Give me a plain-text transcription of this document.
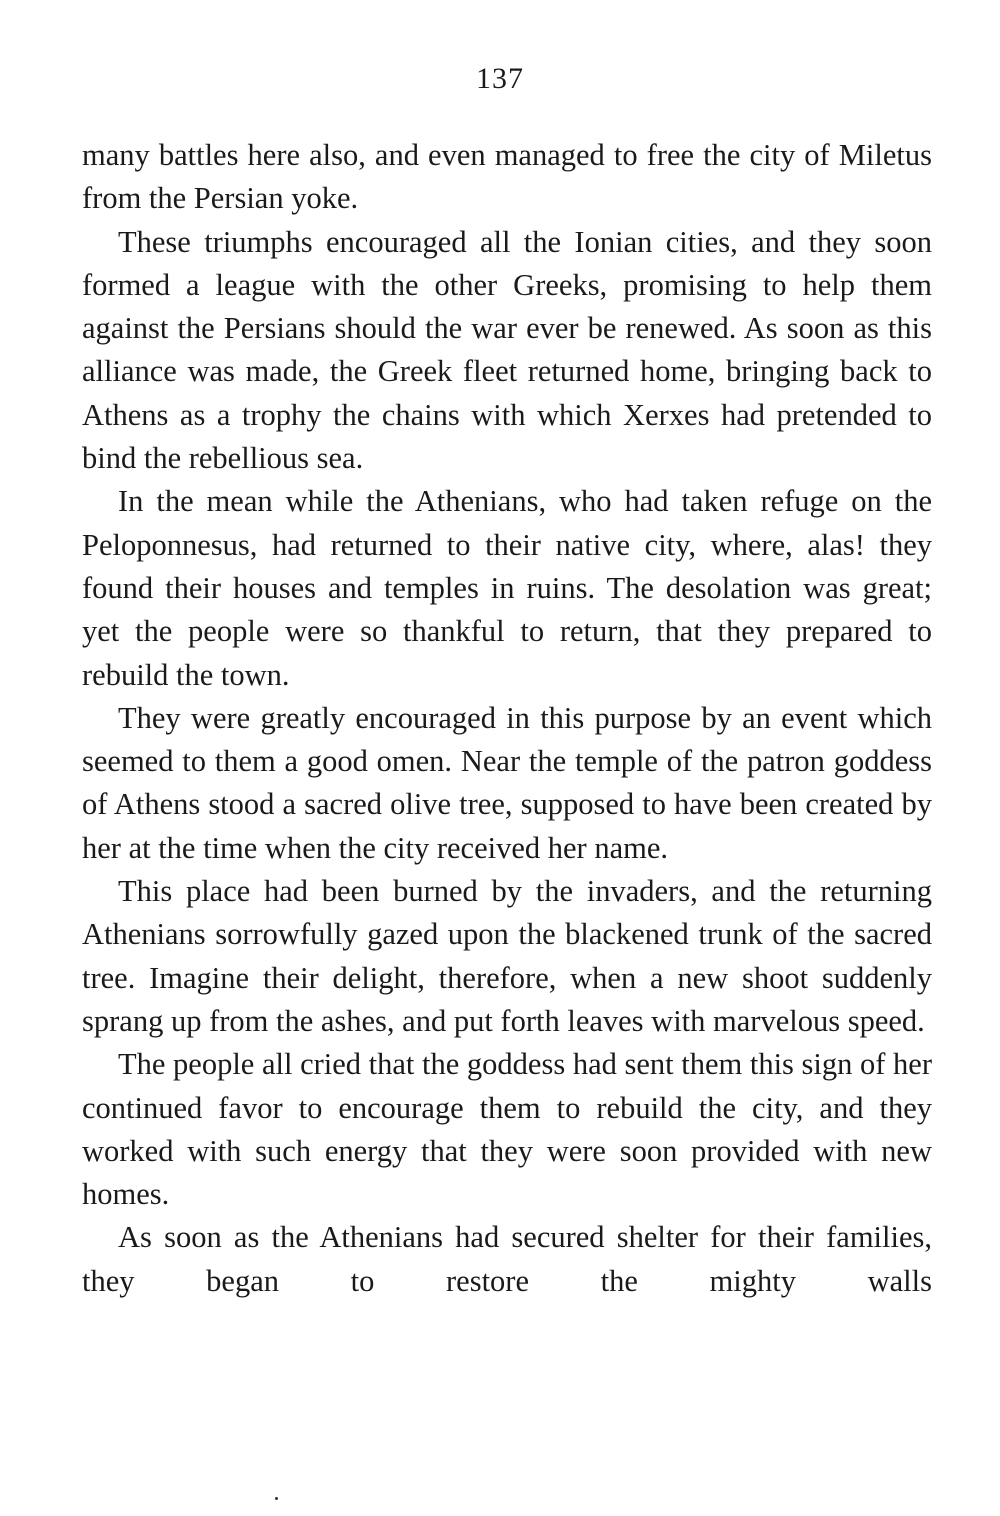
137

many battles here also, and even managed to free the city of Miletus from the Persian yoke.

These triumphs encouraged all the Ionian cities, and they soon formed a league with the other Greeks, promising to help them against the Persians should the war ever be renewed. As soon as this alliance was made, the Greek fleet returned home, bringing back to Athens as a trophy the chains with which Xerxes had pretended to bind the rebellious sea.

In the mean while the Athenians, who had taken refuge on the Peloponnesus, had returned to their native city, where, alas! they found their houses and temples in ruins. The desolation was great; yet the people were so thankful to return, that they prepared to rebuild the town.

They were greatly encouraged in this purpose by an event which seemed to them a good omen. Near the temple of the patron goddess of Athens stood a sacred olive tree, supposed to have been created by her at the time when the city received her name.

This place had been burned by the invaders, and the returning Athenians sorrowfully gazed upon the blackened trunk of the sacred tree. Imagine their delight, therefore, when a new shoot suddenly sprang up from the ashes, and put forth leaves with marvelous speed.

The people all cried that the goddess had sent them this sign of her continued favor to encourage them to rebuild the city, and they worked with such energy that they were soon provided with new homes.

As soon as the Athenians had secured shelter for their families, they began to restore the mighty walls
